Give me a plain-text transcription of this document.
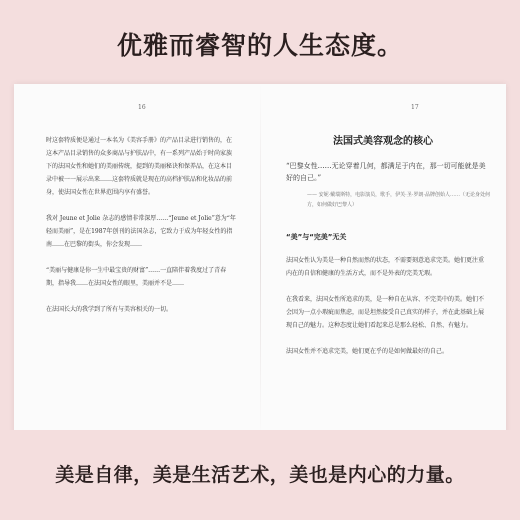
优雅而睿智的人生态度。
16

时这套特质便是通过一本名为《美容手册》的产品目录进行销售的，在这本产品目录销售的众多商品与护肤品中，有一系列产品始于时尚家族下的法国女性和她们的美丽传统，提到的美丽秘诀和保养品，在这本目录中被一一展示出来……这套特质就是现在的高档护肤品和化妆品的前身，使法国女性在世界范围内享有盛誉。

我对 Jeune et Jolie 杂志的感情非常深厚……“Jeune et Jolie”意为“年轻而美丽”，是在1987年创刊的法国杂志，它致力于成为年轻女性的指南……在巴黎的街头，你会发现……

“美丽与健康是你一生中最宝贵的财富”……一直陪伴着我度过了青春期，指导我……在法国女性的眼里，美丽并不是……

在法国长大的我学到了所有与美容相关的一切。

17
法国式美容观念的核心

“巴黎女性……无论穿着几何，都满足于内在，那一切可能就是美好的自己。”

—— 安妮·戴瑞斯特，电影演员，歌手，伊芙·圣·罗朗·品牌创始人……（无论身处何方，如何做好巴黎人）

“美”与“完美”无关

法国女性认为美是一种自然而然的状态，不需要刻意追求完美。她们更注重内在的自信和健康的生活方式，而不是外表的完美无瑕。

在我看来，法国女性所追求的美，是一种自在从容、不完美中的美。她们不会因为一点小瑕疵而焦虑，而是坦然接受自己真实的样子，并在此基础上展现自己的魅力。这种态度让她们看起来总是那么轻松、自然、有魅力。

法国女性并不追求完美，她们更在乎的是如何做最好的自己。

美是自律，美是生活艺术，美也是内心的力量。
